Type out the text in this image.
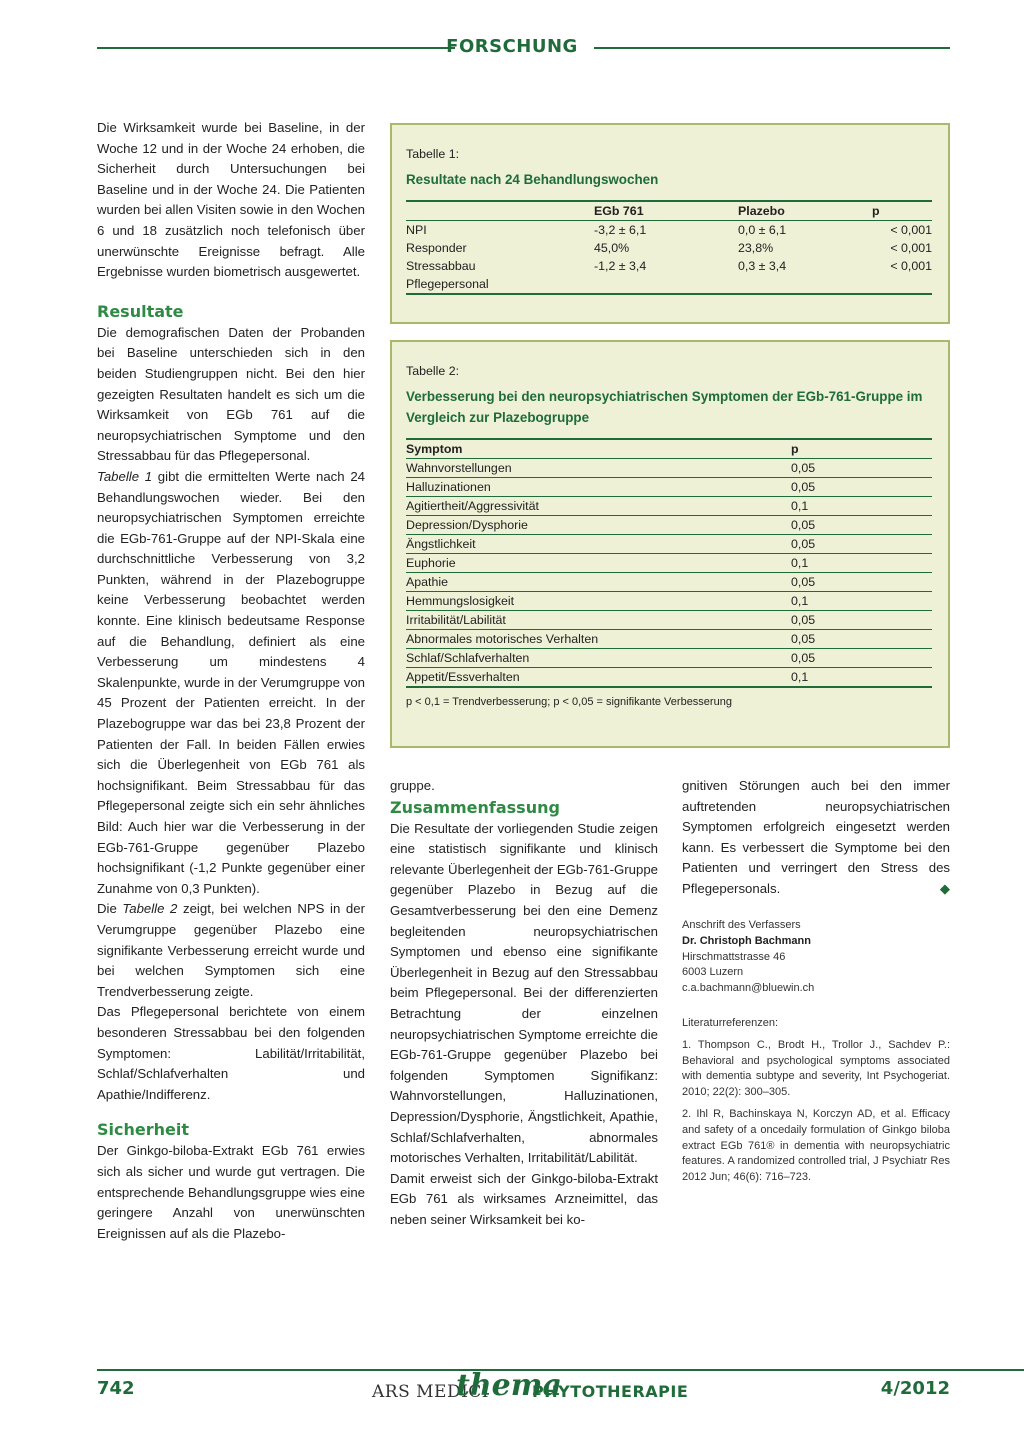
FORSCHUNG

Die Wirksamkeit wurde bei Baseline, in der Woche 12 und in der Woche 24 erhoben, die Sicherheit durch Untersuchungen bei Baseline und in der Woche 24. Die Patienten wurden bei allen Visiten sowie in den Wochen 6 und 18 zusätzlich noch telefonisch über unerwünschte Ereignisse befragt. Alle Ergebnisse wurden biometrisch ausgewertet.

Resultate

Die demografischen Daten der Probanden bei Baseline unterschieden sich in den beiden Studiengruppen nicht. Bei den hier gezeigten Resultaten handelt es sich um die Wirksamkeit von EGb 761 auf die neuropsychiatrischen Symptome und den Stressabbau für das Pflegepersonal.

Tabelle 1 gibt die ermittelten Werte nach 24 Behandlungswochen wieder. Bei den neuropsychiatrischen Symptomen erreichte die EGb-761-Gruppe auf der NPI-Skala eine durchschnittliche Verbesserung von 3,2 Punkten, während in der Plazebogruppe keine Verbesserung beobachtet werden konnte. Eine klinisch bedeutsame Response auf die Behandlung, definiert als eine Verbesserung um mindestens 4 Skalenpunkte, wurde in der Verumgruppe von 45 Prozent der Patienten erreicht. In der Plazebogruppe war das bei 23,8 Prozent der Patienten der Fall. In beiden Fällen erwies sich die Überlegenheit von EGb 761 als hochsignifikant. Beim Stressabbau für das Pflegepersonal zeigte sich ein sehr ähnliches Bild: Auch hier war die Verbesserung in der EGb-761-Gruppe gegenüber Plazebo hochsignifikant (-1,2 Punkte gegenüber einer Zunahme von 0,3 Punkten).

Die Tabelle 2 zeigt, bei welchen NPS in der Verumgruppe gegenüber Plazebo eine signifikante Verbesserung erreicht wurde und bei welchen Symptomen sich eine Trendverbesserung zeigte.

Das Pflegepersonal berichtete von einem besonderen Stressabbau bei den folgenden Symptomen: Labilität/Irritabilität, Schlaf/Schlafverhalten und Apathie/Indifferenz.

Sicherheit

Der Ginkgo-biloba-Extrakt EGb 761 erwies sich als sicher und wurde gut vertragen. Die entsprechende Behandlungsgruppe wies eine geringere Anzahl von unerwünschten Ereignissen auf als die Plazebo-

Tabelle 1:
Resultate nach 24 Behandlungswochen
	EGb 761	Plazebo	p
NPI	-3,2 ± 6,1	0,0 ± 6,1	< 0,001
Responder	45,0%	23,8%	< 0,001
Stressabbau	-1,2 ± 3,4	0,3 ± 3,4	< 0,001
Pflegepersonal			
Tabelle 2:
Verbesserung bei den neuropsychiatrischen Symptomen der EGb-761-Gruppe im Vergleich zur Plazebogruppe
Symptom	p
Wahnvorstellungen	0,05
Halluzinationen	0,05
Agitiertheit/Aggressivität	0,1
Depression/Dysphorie	0,05
Ängstlichkeit	0,05
Euphorie	0,1
Apathie	0,05
Hemmungslosigkeit	0,1
Irritabilität/Labilität	0,05
Abnormales motorisches Verhalten	0,05
Schlaf/Schlafverhalten	0,05
Appetit/Essverhalten	0,1
p < 0,1 = Trendverbesserung; p < 0,05 = signifikante Verbesserung

gruppe.

Zusammenfassung

Die Resultate der vorliegenden Studie zeigen eine statistisch signifikante und klinisch relevante Überlegenheit der EGb-761-Gruppe gegenüber Plazebo in Bezug auf die Gesamtverbesserung bei den eine Demenz begleitenden neuropsychiatrischen Symptomen und ebenso eine signifikante Überlegenheit in Bezug auf den Stressabbau beim Pflegepersonal. Bei der differenzierten Betrachtung der einzelnen neuropsychiatrischen Symptome erreichte die EGb-761-Gruppe gegenüber Plazebo bei folgenden Symptomen Signifikanz: Wahnvorstellungen, Halluzinationen, Depression/Dysphorie, Ängstlichkeit, Apathie, Schlaf/Schlafverhalten, abnormales motorisches Verhalten, Irritabilität/Labilität.

Damit erweist sich der Ginkgo-biloba-Extrakt EGb 761 als wirksames Arzneimittel, das neben seiner Wirksamkeit bei ko-

gnitiven Störungen auch bei den immer auftretenden neuropsychiatrischen Symptomen erfolgreich eingesetzt werden kann. Es verbessert die Symptome bei den Patienten und verringert den Stress des Pflegepersonals.	◆

Anschrift des Verfassers
Dr. Christoph Bachmann
Hirschmattstrasse 46
6003 Luzern
c.a.bachmann@bluewin.ch
Literaturreferenzen:
1. Thompson C., Brodt H., Trollor J., Sachdev P.: Behavioral and psychological symptoms associated with dementia subtype and severity, Int Psychogeriat. 2010; 22(2): 300–305.
2. Ihl R, Bachinskaya N, Korczyn AD, et al. Efficacy and safety of a oncedaily formulation of Ginkgo biloba extract EGb 761® in dementia with neuropsychiatric features. A randomized controlled trial, J Psychiatr Res 2012 Jun; 46(6): 716–723.
742	ARS MEDICI
thema
PHYTOTHERAPIE	4/2012
